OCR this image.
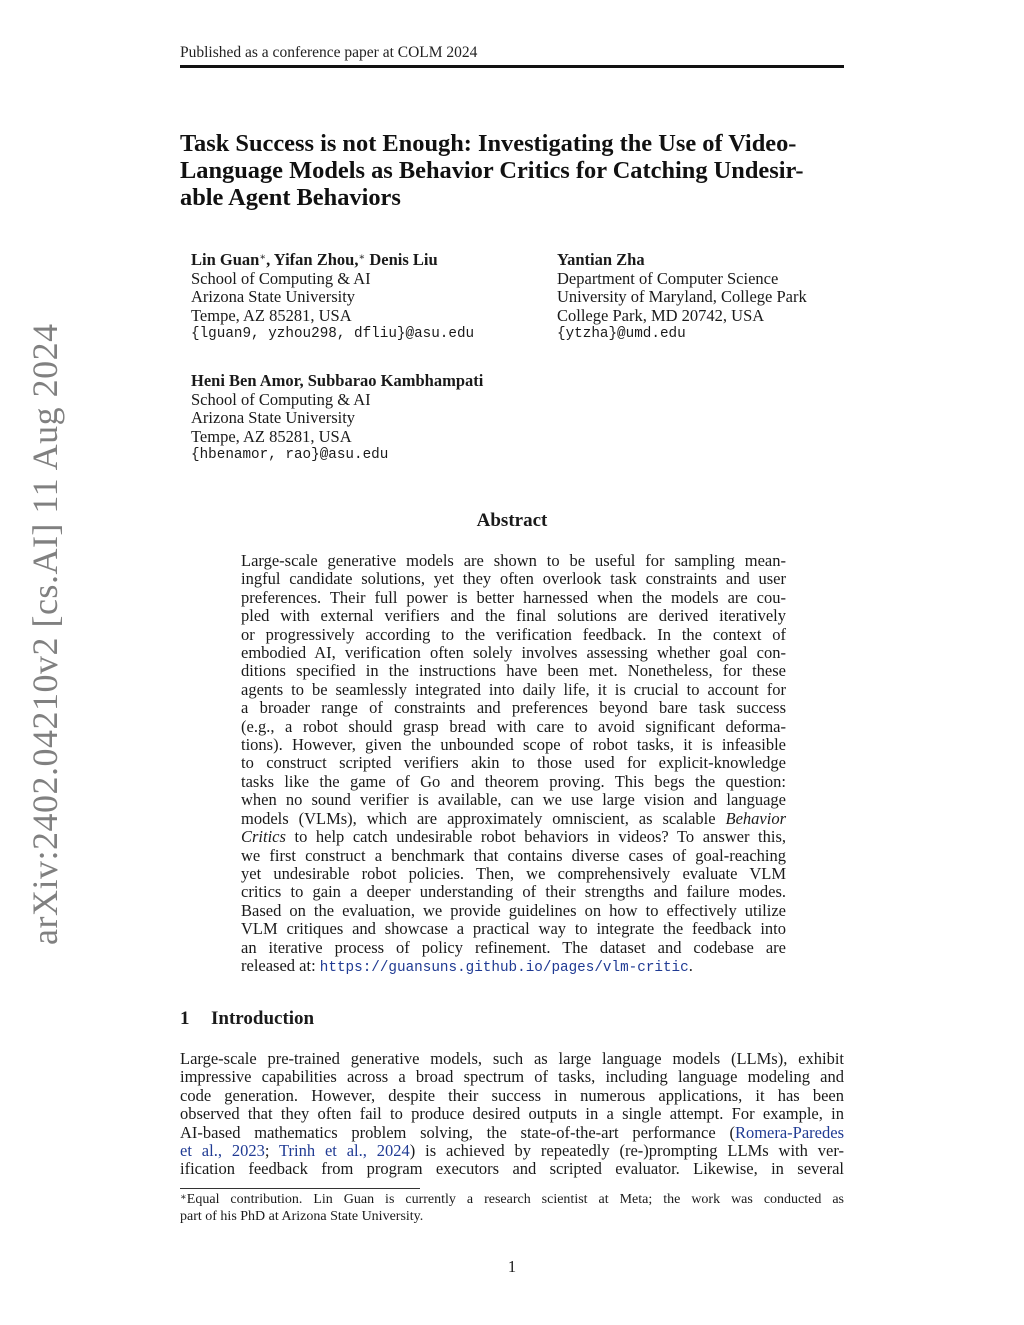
Published as a conference paper at COLM 2024
arXiv:2402.04210v2 [cs.AI] 11 Aug 2024
Task Success is not Enough: Investigating the Use of Video-
Language Models as Behavior Critics for Catching Undesir-
able Agent Behaviors
Lin Guan∗, Yifan Zhou,∗ Denis Liu
School of Computing & AI
Arizona State University
Tempe, AZ 85281, USA
{lguan9, yzhou298, dfliu}@asu.edu
Yantian Zha
Department of Computer Science
University of Maryland, College Park
College Park, MD 20742, USA
{ytzha}@umd.edu
Heni Ben Amor, Subbarao Kambhampati
School of Computing & AI
Arizona State University
Tempe, AZ 85281, USA
{hbenamor, rao}@asu.edu
Abstract
Large-scale generative models are shown to be useful for sampling mean-
ingful candidate solutions, yet they often overlook task constraints and user
preferences. Their full power is better harnessed when the models are cou-
pled with external verifiers and the final solutions are derived iteratively
or progressively according to the verification feedback. In the context of
embodied AI, verification often solely involves assessing whether goal con-
ditions specified in the instructions have been met. Nonetheless, for these
agents to be seamlessly integrated into daily life, it is crucial to account for
a broader range of constraints and preferences beyond bare task success
(e.g., a robot should grasp bread with care to avoid significant deforma-
tions). However, given the unbounded scope of robot tasks, it is infeasible
to construct scripted verifiers akin to those used for explicit-knowledge
tasks like the game of Go and theorem proving. This begs the question:
when no sound verifier is available, can we use large vision and language
models (VLMs), which are approximately omniscient, as scalable Behavior
Critics to help catch undesirable robot behaviors in videos? To answer this,
we first construct a benchmark that contains diverse cases of goal-reaching
yet undesirable robot policies. Then, we comprehensively evaluate VLM
critics to gain a deeper understanding of their strengths and failure modes.
Based on the evaluation, we provide guidelines on how to effectively utilize
VLM critiques and showcase a practical way to integrate the feedback into
an iterative process of policy refinement. The dataset and codebase are
released at: https://guansuns.github.io/pages/vlm-critic.
1 Introduction
Large-scale pre-trained generative models, such as large language models (LLMs), exhibit
impressive capabilities across a broad spectrum of tasks, including language modeling and
code generation. However, despite their success in numerous applications, it has been
observed that they often fail to produce desired outputs in a single attempt. For example, in
AI-based mathematics problem solving, the state-of-the-art performance (Romera-Paredes
et al., 2023; Trinh et al., 2024) is achieved by repeatedly (re-)prompting LLMs with ver-
ification feedback from program executors and scripted evaluator. Likewise, in several
∗Equal contribution. Lin Guan is currently a research scientist at Meta; the work was conducted as
part of his PhD at Arizona State University.
1
